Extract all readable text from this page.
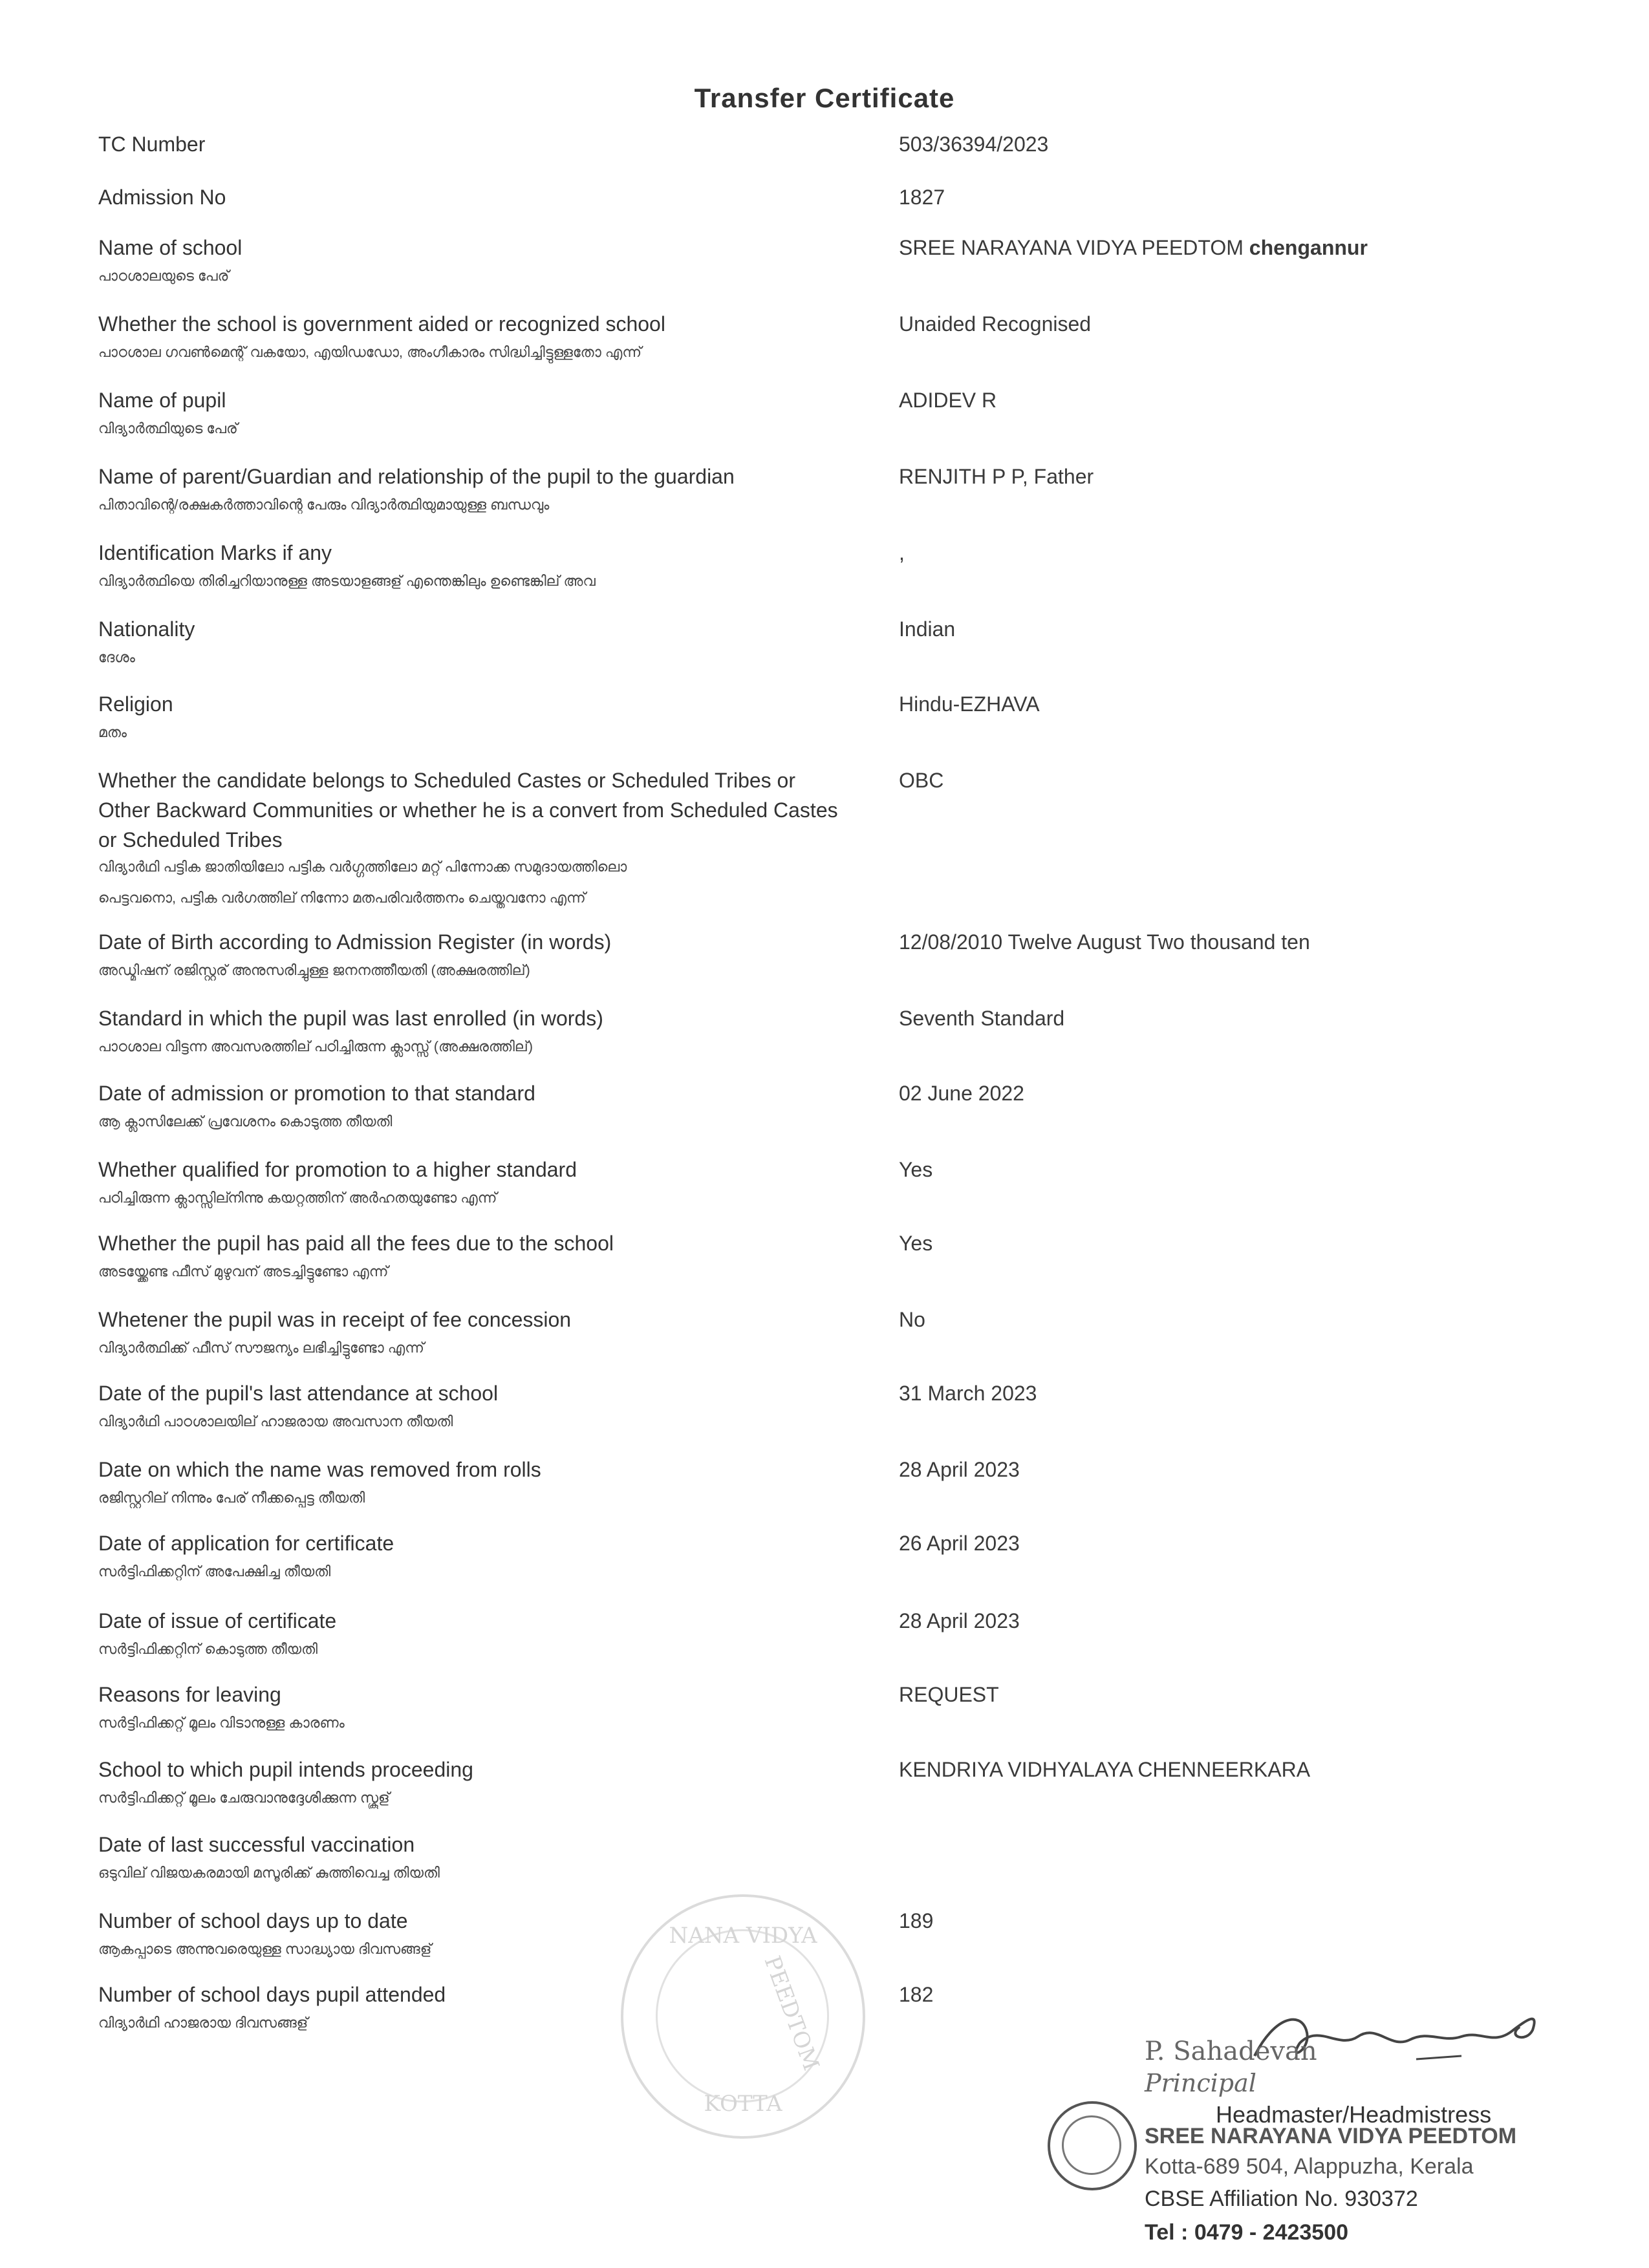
Transfer Certificate
TC Number	503/36394/2023
Admission No	1827
Name of school
പാഠശാലയുടെ പേര്
SREE NARAYANA VIDYA PEEDTOM chengannur
Whether the school is government aided or recognized school
പാഠശാല ഗവൺമെന്റ് വകയോ, എയിഡഡോ, അംഗീകാരം സിദ്ധിച്ചിട്ടുള്ളതോ എന്ന്
Unaided Recognised
Name of pupil
വിദ്യാർത്ഥിയുടെ പേര്
ADIDEV R
Name of parent/Guardian and relationship of the pupil to the guardian
പിതാവിന്റെ/രക്ഷകർത്താവിന്റെ പേരും വിദ്യാർത്ഥിയുമായുള്ള ബന്ധവും
RENJITH P P, Father
Identification Marks if any
വിദ്യാർത്ഥിയെ തിരിച്ചറിയാനുള്ള അടയാളങ്ങള് എന്തെങ്കിലും ഉണ്ടെങ്കില് അവ
,
Nationality
ദേശം
Indian
Religion
മതം
Hindu-EZHAVA
Whether the candidate belongs to Scheduled Castes or Scheduled Tribes or Other Backward Communities or whether he is a convert from Scheduled Castes or Scheduled Tribes
വിദ്യാർഥി പട്ടിക ജാതിയിലോ പട്ടിക വർഗ്ഗത്തിലോ മറ്റ് പിന്നോക്ക സമുദായത്തിലൊ
പെട്ടവനൊ, പട്ടിക വർഗത്തില് നിന്നോ മതപരിവർത്തനം ചെയ്തവനോ എന്ന്
OBC
Date of Birth according to Admission Register (in words)
അഡ്മിഷന് രജിസ്റ്റര് അനുസരിച്ചുള്ള ജനനത്തീയതി (അക്ഷരത്തില്)
12/08/2010 Twelve August Two thousand ten
Standard in which the pupil was last enrolled (in words)
പാഠശാല വിട്ടന്ന അവസരത്തില് പഠിച്ചിരുന്ന ക്ലാസ്സ് (അക്ഷരത്തില്)
Seventh Standard
Date of admission or promotion to that standard
ആ ക്ലാസിലേക്ക് പ്രവേശനം കൊടുത്ത തീയതി
02 June 2022
Whether qualified for promotion to a higher standard
പഠിച്ചിരുന്ന ക്ലാസ്സില്നിന്നു കയറ്റത്തിന് അർഹതയുണ്ടോ എന്ന്
Yes
Whether the pupil has paid all the fees due to the school
അടയ്ക്കേണ്ട ഫീസ് മുഴുവന് അടച്ചിട്ടുണ്ടോ എന്ന്
Yes
Whetener the pupil was in receipt of fee concession
വിദ്യാർത്ഥിക്ക് ഫീസ് സൗജന്യം ലഭിച്ചിട്ടുണ്ടോ എന്ന്
No
Date of the pupil's last attendance at school
വിദ്യാർഥി പാഠശാലയില് ഹാജരായ അവസാന തീയതി
31 March 2023
Date on which the name was removed from rolls
രജിസ്റ്ററില് നിന്നും പേര് നീക്കപ്പെട്ട തീയതി
28 April 2023
Date of application for certificate
സർട്ടിഫിക്കറ്റിന് അപേക്ഷിച്ച തീയതി
26 April 2023
Date of issue of certificate
സർട്ടിഫിക്കറ്റിന് കൊടുത്ത തീയതി
28 April 2023
Reasons for leaving
സർട്ടിഫിക്കറ്റ് മൂലം വിടാനുള്ള കാരണം
REQUEST
School to which pupil intends proceeding
സർട്ടിഫിക്കറ്റ് മൂലം ചേരുവാനുദ്ദേശിക്കുന്ന സ്കൂള്
KENDRIYA VIDHYALAYA CHENNEERKARA
Date of last successful vaccination
ഒടുവില് വിജയകരമായി മസൂരിക്ക് കുത്തിവെച്ച തിയതി
Number of school days up to date
ആകപ്പാടെ അന്നുവരെയുള്ള സാദ്ധ്യായ ദിവസങ്ങള്
189
Number of school days pupil attended
വിദ്യാർഥി ഹാജരായ ദിവസങ്ങള്
182
NANA VIDYA
PEEDTOM
KOTTA
P. Sahadevan
Principal
Headmaster/Headmistress
SREE NARAYANA VIDYA PEEDTOM
Kotta-689 504, Alappuzha, Kerala
CBSE Affiliation No. 930372
Tel : 0479 - 2423500
